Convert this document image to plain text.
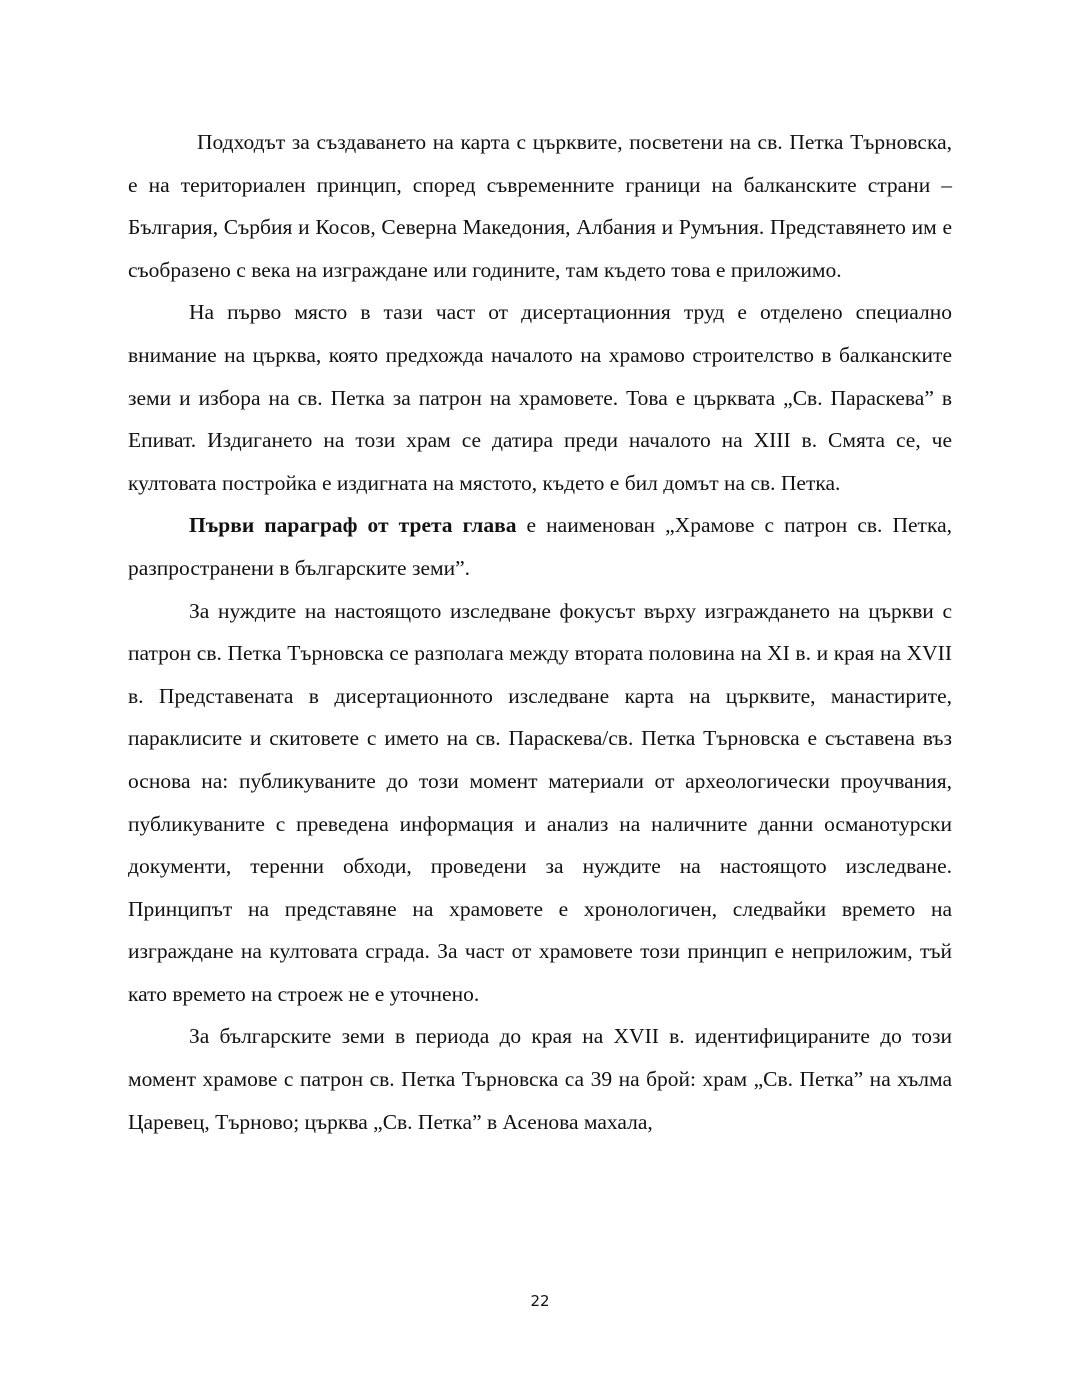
Подходът за създаването на карта с църквите, посветени на св. Петка Търновска, е на териториален принцип, според съвременните граници на балканските страни – България, Сърбия и Косов, Северна Македония, Албания и Румъния. Представянето им е съобразено с века на изграждане или годините, там където това е приложимо.

На първо място в тази част от дисертационния труд е отделено специално внимание на църква, която предхожда началото на храмово строителство в балканските земи и избора на св. Петка за патрон на храмовете. Това е църквата „Св. Параскева” в Епиват. Издигането на този храм се датира преди началото на XIII в. Смята се, че култовата постройка е издигната на мястото, където е бил домът на св. Петка.

Първи параграф от трета глава е наименован „Храмове с патрон св. Петка, разпространени в българските земи”.

За нуждите на настоящото изследване фокусът върху изграждането на църкви с патрон св. Петка Търновска се разполага между втората половина на XI в. и края на XVII в. Представената в дисертационното изследване карта на църквите, манастирите, параклисите и скитовете с името на св. Параскева/св. Петка Търновска е съставена въз основа на: публикуваните до този момент материали от археологически проучвания, публикуваните с преведена информация и анализ на наличните данни османотурски документи, теренни обходи, проведени за нуждите на настоящото изследване. Принципът на представяне на храмовете е хронологичен, следвайки времето на изграждане на култовата сграда. За част от храмовете този принцип е неприложим, тъй като времето на строеж не е уточнено.

За българските земи в периода до края на XVII в. идентифицираните до този момент храмове с патрон св. Петка Търновска са 39 на брой: храм „Св. Петка” на хълма Царевец, Търново; църква „Св. Петка” в Асенова махала,

22
